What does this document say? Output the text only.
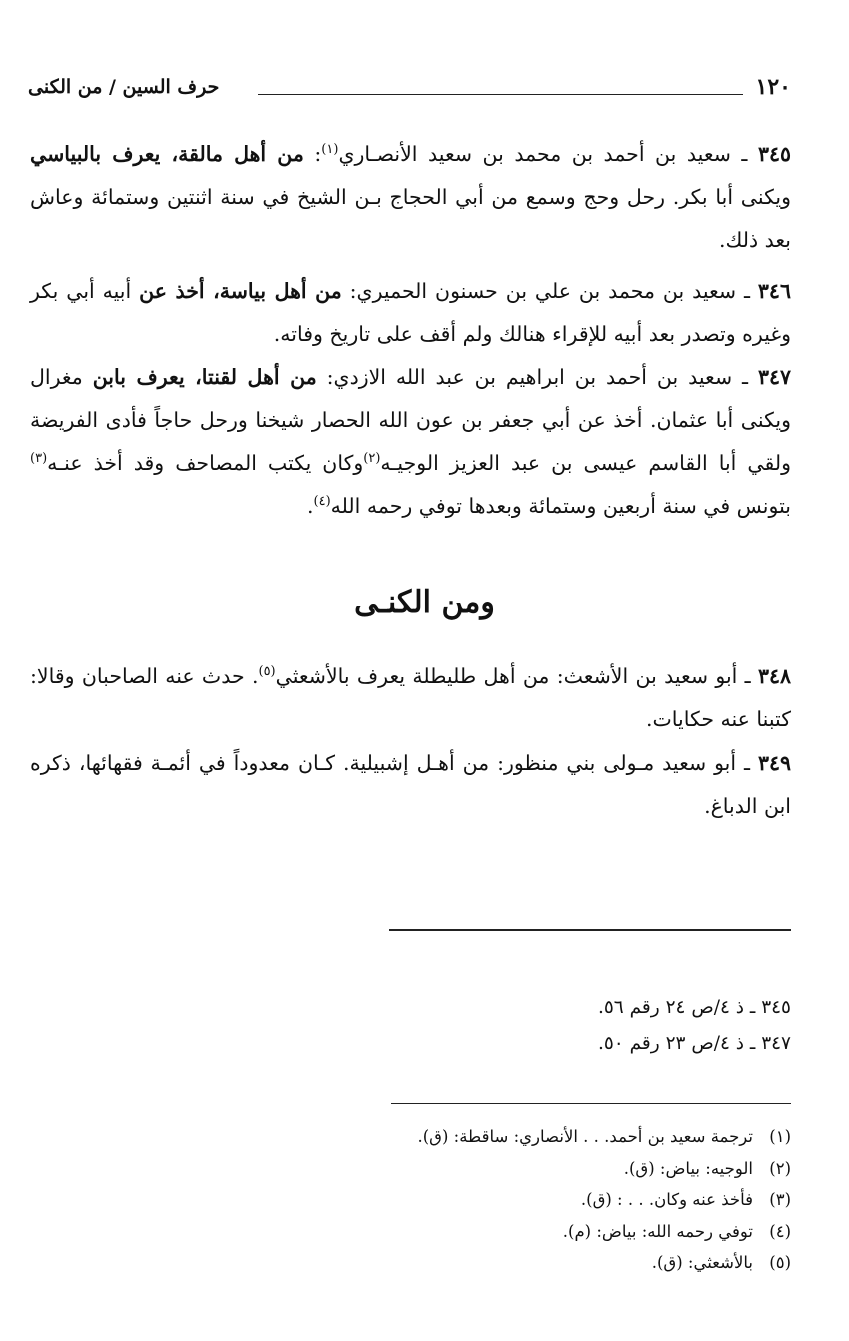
١٢٠
حرف السين / من الكنى
٣٤٥ ـ سعيد بن أحمد بن محمد بن سعيد الأنصـاري$^{(١)}$: من أهل مالقة، يعرف بالبياسي ويكنى أبا بكر. رحل وحج وسمع من أبي الحجاج بـن الشيخ في سنة اثنتين وستمائة وعاش بعد ذلك.
٣٤٦ ـ سعيد بن محمد بن علي بن حسنون الحميري: من أهل بياسة، أخذ عن أبيه أبي بكر وغيره وتصدر بعد أبيه للإقراء هنالك ولم أقف على تاريخ وفاته.
٣٤٧ ـ سعيد بن أحمد بن ابراهيم بن عبد الله الازدي: من أهل لقنتا، يعرف بابن مغرال ويكنى أبا عثمان. أخذ عن أبي جعفر بن عون الله الحصار شيخنا ورحل حاجاً فأدى الفريضة ولقي أبا القاسم عيسى بن عبد العزيز الوجيـه$^{(٢)}$وكان يكتب المصاحف وقد أخذ عنـه$^{(٣)}$ بتونس في سنة أربعين وستمائة وبعدها توفي رحمه الله$^{(٤)}$.
ومن الكنـى
٣٤٨ ـ أبو سعيد بن الأشعث: من أهل طليطلة يعرف بالأشعثي$^{(٥)}$. حدث عنه الصاحبان وقالا: كتبنا عنه حكايات.
٣٤٩ ـ أبو سعيد مـولى بني منظور: من أهـل إشبيلية. كـان معدوداً في أئمـة فقهائها، ذكره ابن الدباغ.
٣٤٥ ـ ذ ٤/ص ٢٤ رقم ٥٦.
٣٤٧ ـ ذ ٤/ص ٢٣ رقم ٥٠.
(١)ترجمة سعيد بن أحمد. . . الأنصاري: ساقطة: (ق).
(٢)الوجيه: بياض: (ق).
(٣)فأخذ عنه وكان. . . : (ق).
(٤)توفي رحمه الله: بياض: (م).
(٥)بالأشعثي: (ق).
